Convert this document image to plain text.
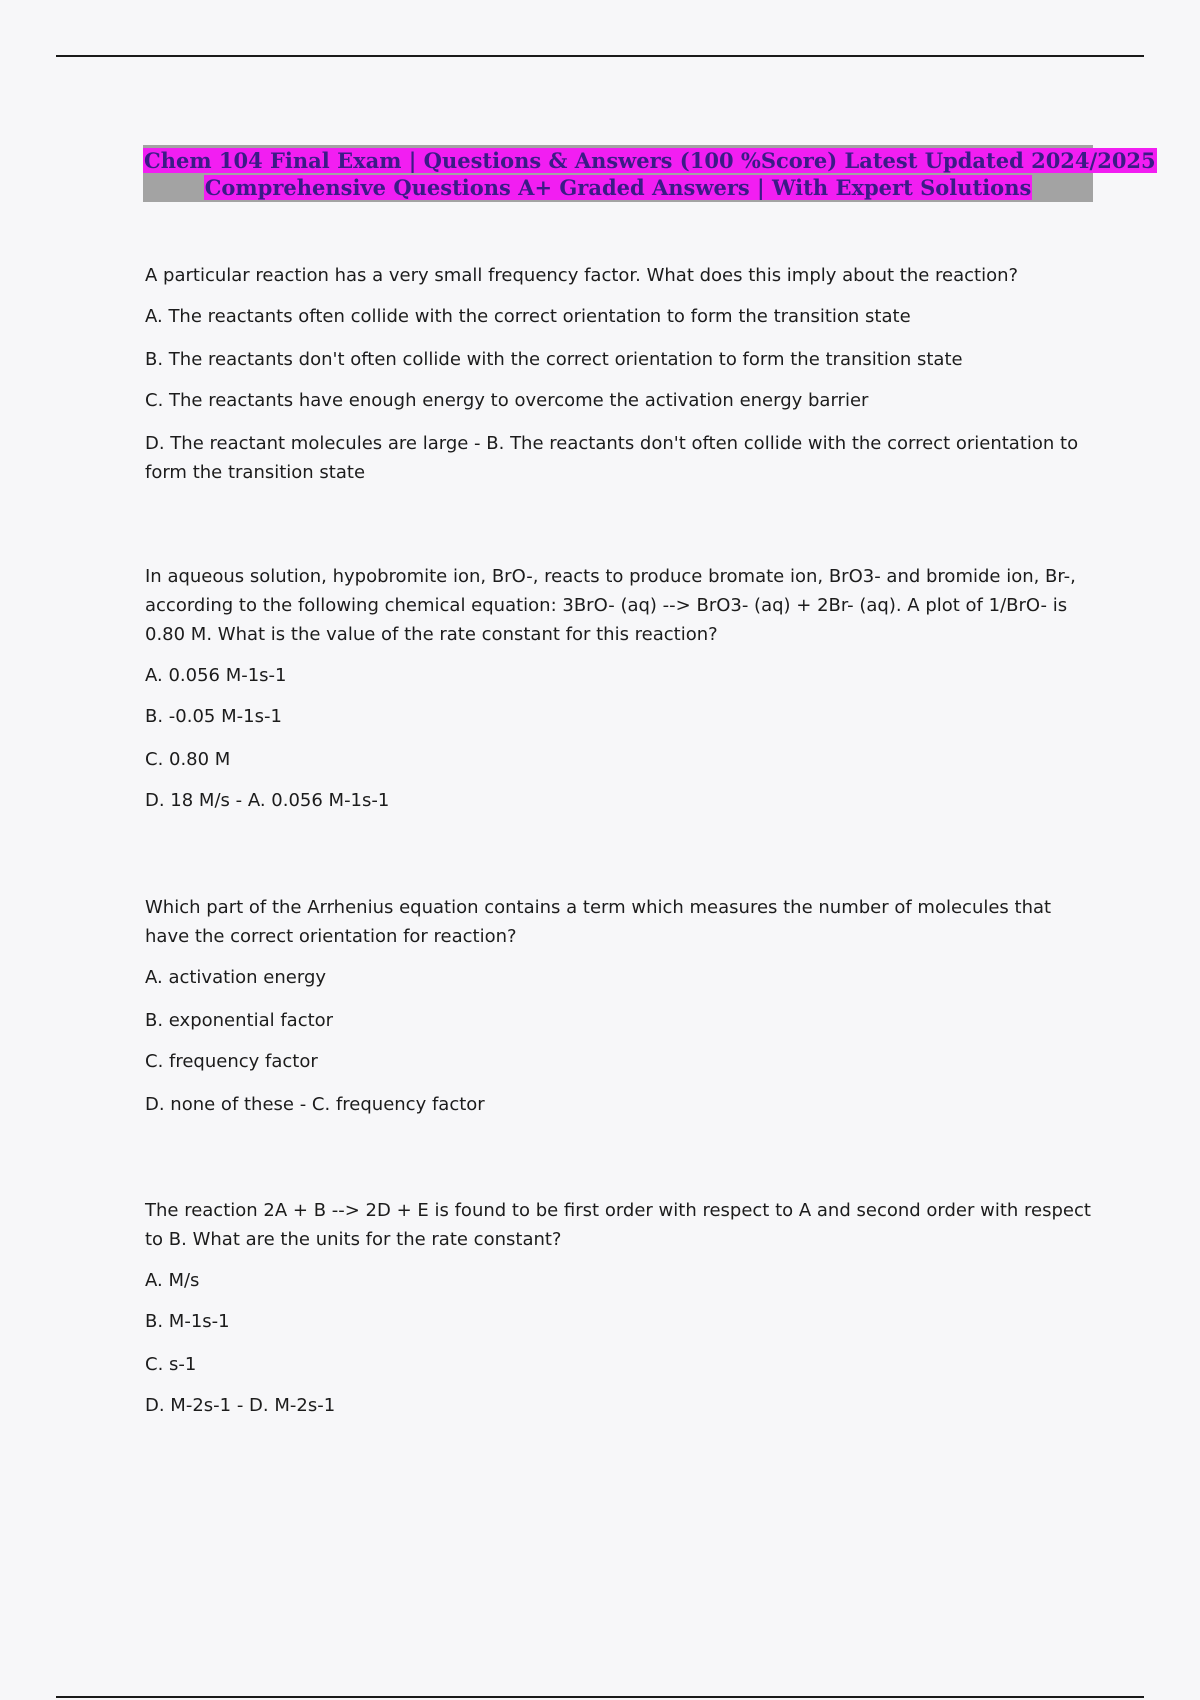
Chem 104 Final Exam | Questions & Answers (100 %Score) Latest Updated 2024/2025
Comprehensive Questions A+ Graded Answers | With Expert Solutions

A particular reaction has a very small frequency factor. What does this imply about the reaction?

A. The reactants often collide with the correct orientation to form the transition state

B. The reactants don't often collide with the correct orientation to form the transition state

C. The reactants have enough energy to overcome the activation energy barrier

D. The reactant molecules are large - B. The reactants don't often collide with the correct orientation to form the transition state

In aqueous solution, hypobromite ion, BrO-, reacts to produce bromate ion, BrO3- and bromide ion, Br-, according to the following chemical equation: 3BrO- (aq) --> BrO3- (aq) + 2Br- (aq). A plot of 1/BrO- is 0.80 M. What is the value of the rate constant for this reaction?

A. 0.056 M-1s-1

B. -0.05 M-1s-1

C. 0.80 M

D. 18 M/s - A. 0.056 M-1s-1

Which part of the Arrhenius equation contains a term which measures the number of molecules that have the correct orientation for reaction?

A. activation energy

B. exponential factor

C. frequency factor

D. none of these - C. frequency factor

The reaction 2A + B --> 2D + E is found to be first order with respect to A and second order with respect to B. What are the units for the rate constant?

A. M/s

B. M-1s-1

C. s-1

D. M-2s-1 - D. M-2s-1
